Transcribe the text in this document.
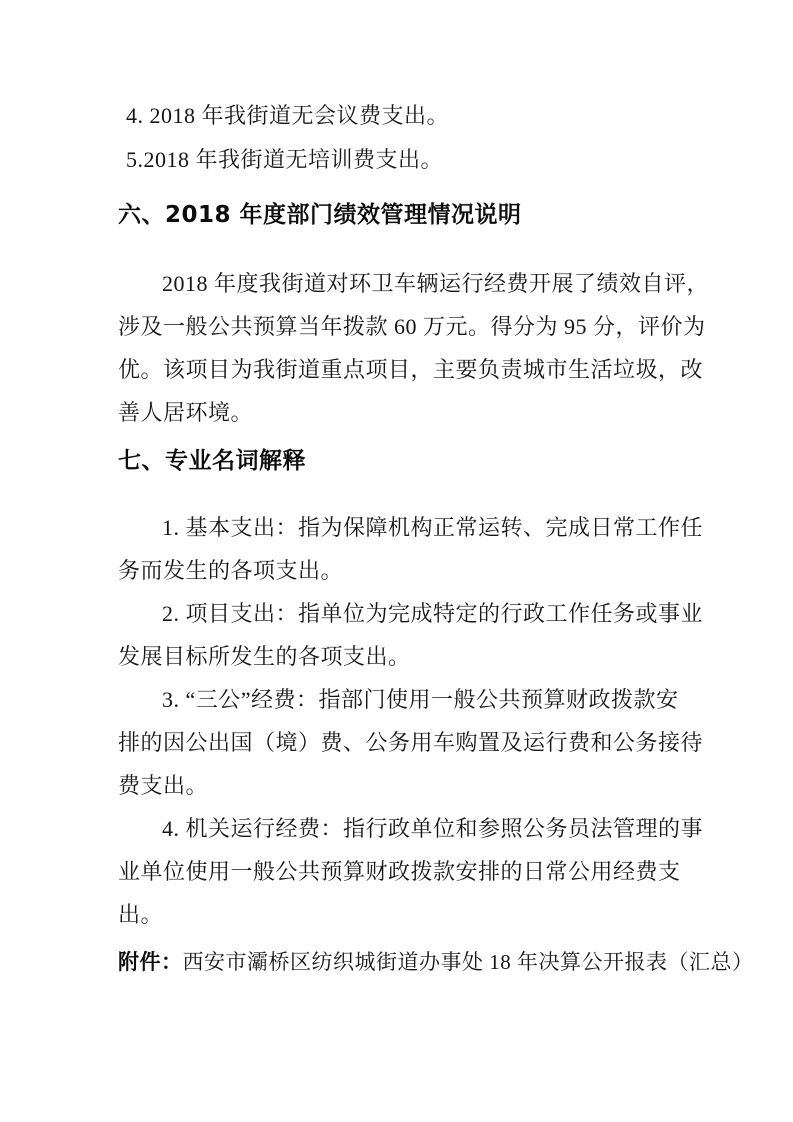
4. 2018 年我街道无会议费支出。
5.2018 年我街道无培训费支出。
六、2018 年度部门绩效管理情况说明
2018 年度我街道对环卫车辆运行经费开展了绩效自评，
涉及一般公共预算当年拨款 60 万元。得分为 95 分，评价为
优。该项目为我街道重点项目，主要负责城市生活垃圾，改
善人居环境。
七、专业名词解释
1. 基本支出：指为保障机构正常运转、完成日常工作任
务而发生的各项支出。
2. 项目支出：指单位为完成特定的行政工作任务或事业
发展目标所发生的各项支出。
3. “三公”经费：指部门使用一般公共预算财政拨款安
排的因公出国（境）费、公务用车购置及运行费和公务接待
费支出。
4. 机关运行经费：指行政单位和参照公务员法管理的事
业单位使用一般公共预算财政拨款安排的日常公用经费支
出。
附件：西安市灞桥区纺织城街道办事处 18 年决算公开报表（汇总）
